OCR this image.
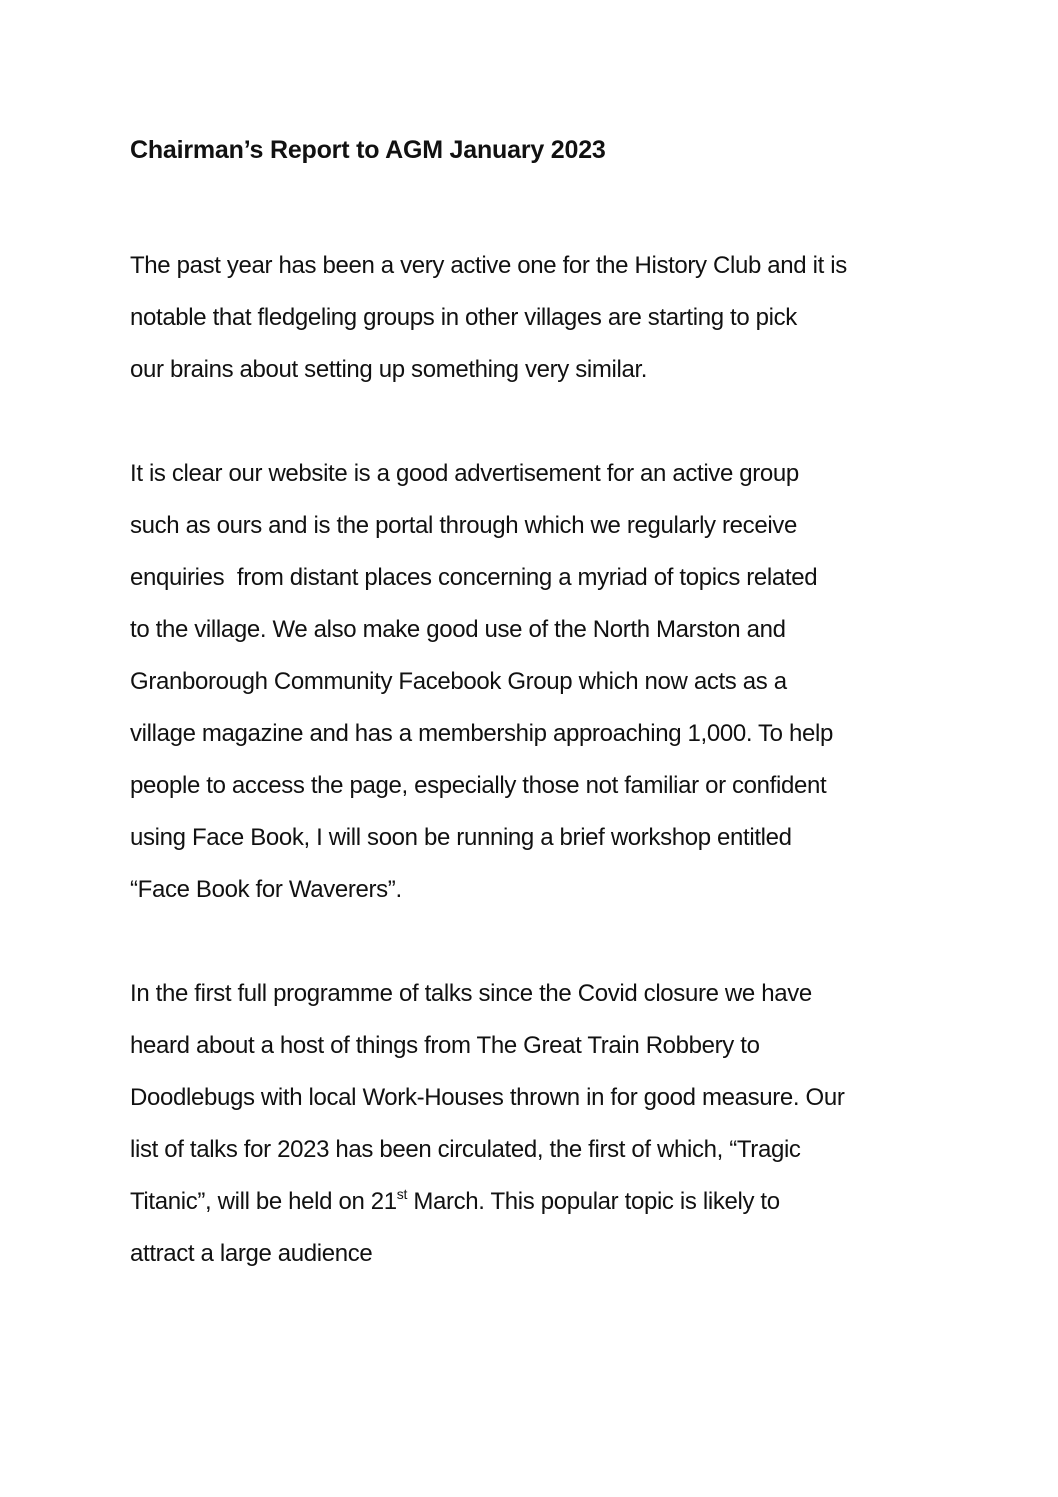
Chairman’s Report to AGM January 2023

The past year has been a very active one for the History Club and it is
notable that fledgeling groups in other villages are starting to pick
our brains about setting up something very similar.

It is clear our website is a good advertisement for an active group
such as ours and is the portal through which we regularly receive
enquiries  from distant places concerning a myriad of topics related
to the village. We also make good use of the North Marston and
Granborough Community Facebook Group which now acts as a
village magazine and has a membership approaching 1,000. To help
people to access the page, especially those not familiar or confident
using Face Book, I will soon be running a brief workshop entitled
“Face Book for Waverers”.

In the first full programme of talks since the Covid closure we have
heard about a host of things from The Great Train Robbery to
Doodlebugs with local Work-Houses thrown in for good measure. Our
list of talks for 2023 has been circulated, the first of which, “Tragic
Titanic”, will be held on 21st March. This popular topic is likely to
attract a large audience
